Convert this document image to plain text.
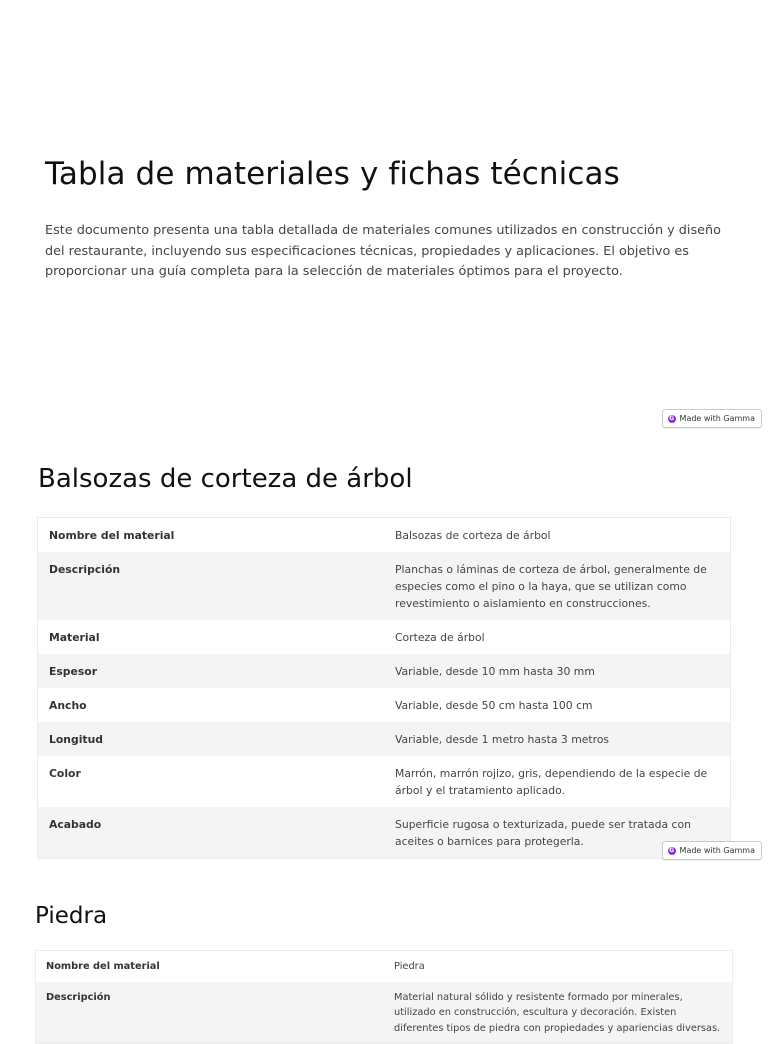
Tabla de materiales y fichas técnicas

Este documento presenta una tabla detallada de materiales comunes utilizados en construcción y diseño del restaurante, incluyendo sus especificaciones técnicas, propiedades y aplicaciones. El objetivo es proporcionar una guía completa para la selección de materiales óptimos para el proyecto.

G Made with Gamma
Balsozas de corteza de árbol
Nombre del material	Balsozas de corteza de árbol
Descripción	Planchas o láminas de corteza de árbol, generalmente de especies como el pino o la haya, que se utilizan como revestimiento o aislamiento en construcciones.
Material	Corteza de árbol
Espesor	Variable, desde 10 mm hasta 30 mm
Ancho	Variable, desde 50 cm hasta 100 cm
Longitud	Variable, desde 1 metro hasta 3 metros
Color	Marrón, marrón rojizo, gris, dependiendo de la especie de árbol y el tratamiento aplicado.
Acabado	Superficie rugosa o texturizada, puede ser tratada con aceites o barnices para protegerla.
G Made with Gamma
Piedra
Nombre del material	Piedra
Descripción	Material natural sólido y resistente formado por minerales, utilizado en construcción, escultura y decoración. Existen diferentes tipos de piedra con propiedades y apariencias diversas.
